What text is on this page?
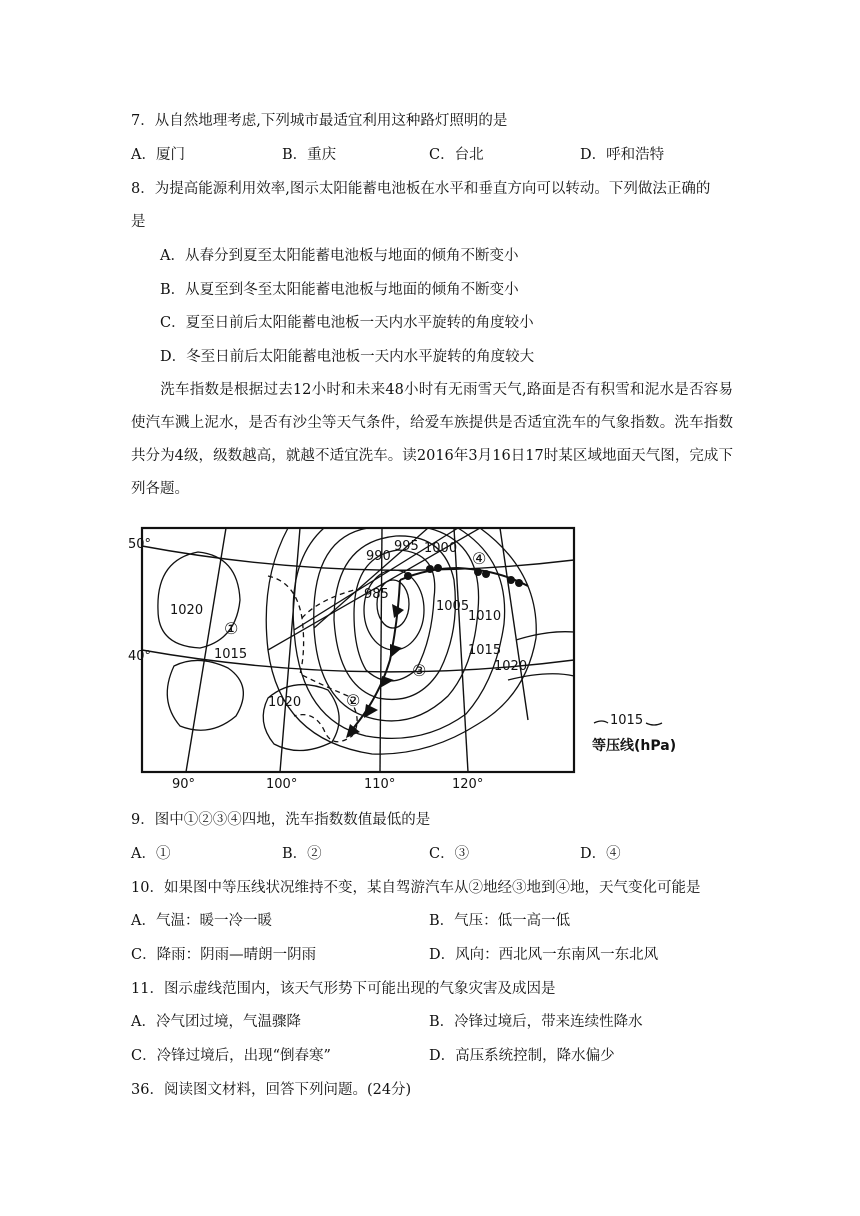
7．从自然地理考虑,下列城市最适宜利用这种路灯照明的是
A．厦门	B．重庆	C．台北	D．呼和浩特
8．为提高能源利用效率,图示太阳能蓄电池板在水平和垂直方向可以转动。下列做法正确的
是
A．从春分到夏至太阳能蓄电池板与地面的倾角不断变小
B．从夏至到冬至太阳能蓄电池板与地面的倾角不断变小
C．夏至日前后太阳能蓄电池板一天内水平旋转的角度较小
D．冬至日前后太阳能蓄电池板一天内水平旋转的角度较大
洗车指数是根据过去12小时和未来48小时有无雨雪天气,路面是否有积雪和泥水是否容易使汽车溅上泥水，是否有沙尘等天气条件，给爱车族提供是否适宜洗车的气象指数。洗车指数共分为4级，级数越高，就越不适宜洗车。读2016年3月16日17时某区域地面天气图，完成下列各题。
50°
40°
90°	100°	110°	120°
990
995 1000
985
1005
1010
1020
1020
1015	1015
1020
①
②
③
④
1015
等压线(hPa)
9．图中①②③④四地，洗车指数数值最低的是
A．①	B．②	C．③	D．④
10．如果图中等压线状况维持不变，某自驾游汽车从②地经③地到④地，天气变化可能是
A．气温：暖一冷一暖	B．气压：低一高一低
C．降雨：阴雨—晴朗一阴雨	D．风向：西北风一东南风一东北风
11．图示虚线范围内，该天气形势下可能出现的气象灾害及成因是
A．冷气团过境，气温骤降	B．冷锋过境后，带来连续性降水
C．冷锋过境后，出现“倒春寒”	D．高压系统控制，降水偏少
36．阅读图文材料，回答下列问题。(24分)
